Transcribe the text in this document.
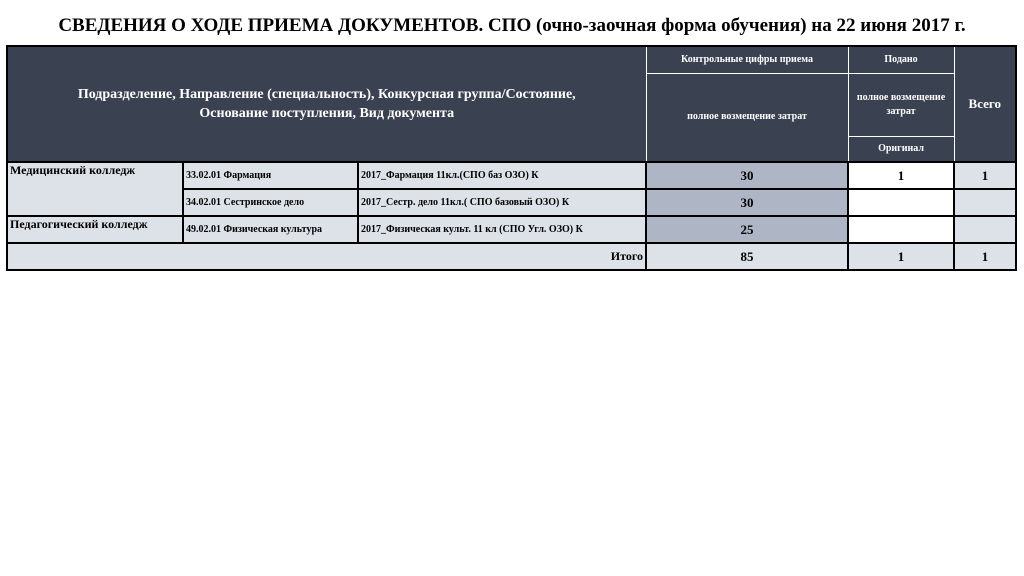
СВЕДЕНИЯ О ХОДЕ ПРИЕМА ДОКУМЕНТОВ. СПО (очно-заочная форма обучения) на 22 июня 2017 г.
Подразделение, Направление (специальность), Конкурсная группа/Состояние,
Основание поступления, Вид документа			Контрольные цифры приема	Подано	Всего
			полное возмещение затрат	полное возмещение затрат	
				Оригинал	
Медицинский колледж	33.02.01 Фармация	2017_Фармация 11кл.(СПО баз ОЗО) К	30	1	1
	34.02.01 Сестринское дело	2017_Сестр. дело 11кл.( СПО базовый ОЗО) К	30		
Педагогический колледж	49.02.01 Физическая культура	2017_Физическая культ. 11 кл (СПО Угл. ОЗО) К	25		
Итого			85	1	1
